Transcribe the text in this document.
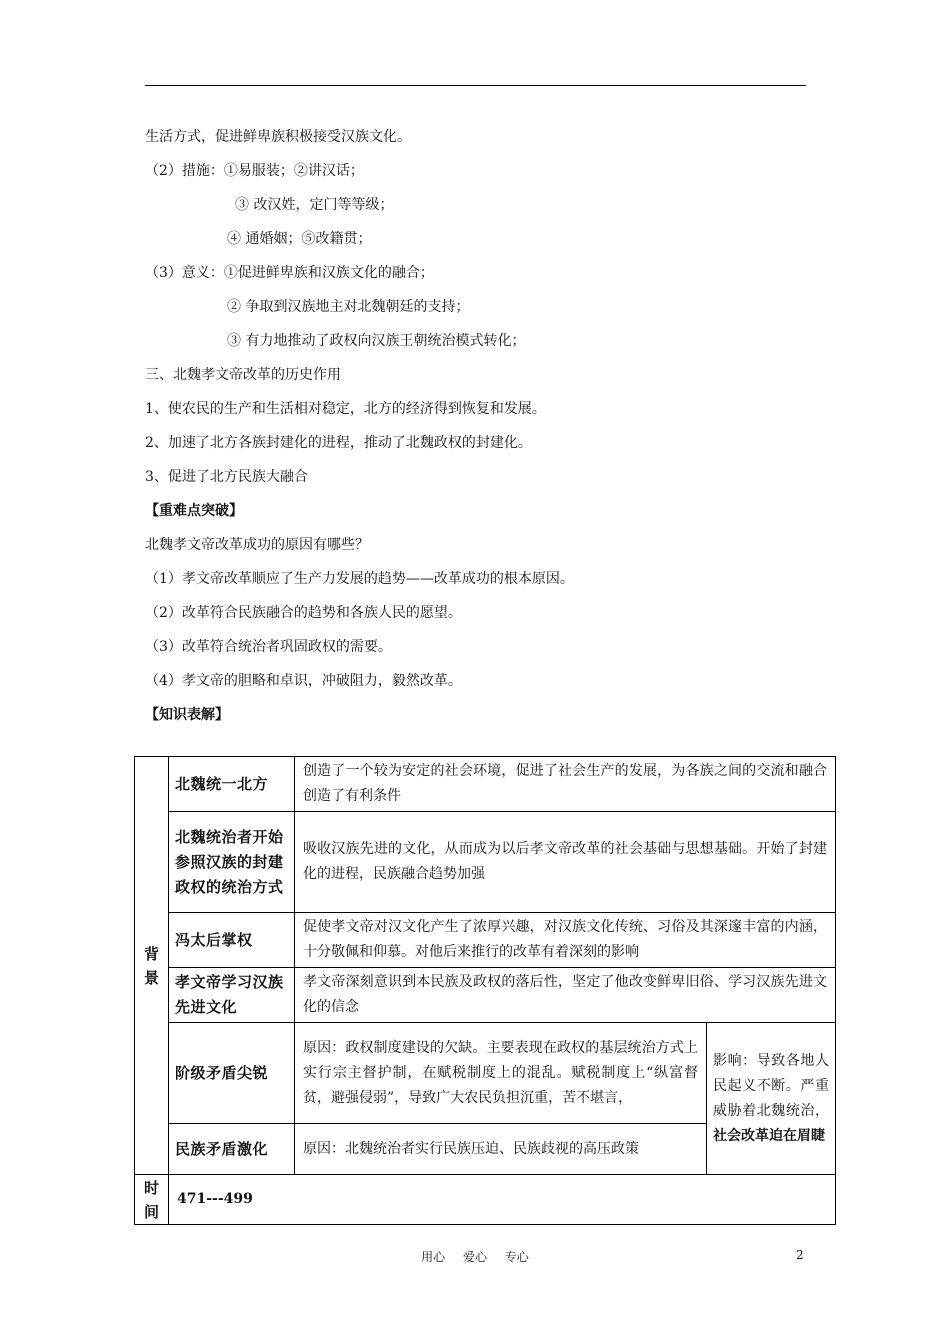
生活方式，促进鲜卑族积极接受汉族文化。
（2）措施：①易服装；②讲汉话；
③ 改汉姓，定门等等级；
④ 通婚姻；⑤改籍贯；
（3）意义：①促进鲜卑族和汉族文化的融合；
② 争取到汉族地主对北魏朝廷的支持；
③ 有力地推动了政权向汉族王朝统治模式转化；
三、北魏孝文帝改革的历史作用
1、使农民的生产和生活相对稳定，北方的经济得到恢复和发展。
2、加速了北方各族封建化的进程，推动了北魏政权的封建化。
3、促进了北方民族大融合
【重难点突破】
北魏孝文帝改革成功的原因有哪些？
（1）孝文帝改革顺应了生产力发展的趋势——改革成功的根本原因。
（2）改革符合民族融合的趋势和各族人民的愿望。
（3）改革符合统治者巩固政权的需要。
（4）孝文帝的胆略和卓识，冲破阻力，毅然改革。
【知识表解】
背景	北魏统一北方	创造了一个较为安定的社会环境，促进了社会生产的发展，为各族之间的交流和融合创造了有利条件	
	北魏统治者开始参照汉族的封建政权的统治方式	吸收汉族先进的文化，从而成为以后孝文帝改革的社会基础与思想基础。开始了封建化的进程，民族融合趋势加强	
	冯太后掌权	促使孝文帝对汉文化产生了浓厚兴趣，对汉族文化传统、习俗及其深邃丰富的内涵，十分敬佩和仰慕。对他后来推行的改革有着深刻的影响	
	孝文帝学习汉族先进文化	孝文帝深刻意识到本民族及政权的落后性，坚定了他改变鲜卑旧俗、学习汉族先进文化的信念	
	阶级矛盾尖锐	原因：政权制度建设的欠缺。主要表现在政权的基层统治方式上实行宗主督护制，在赋税制度上的混乱。赋税制度上“纵富督贫，避强侵弱”，导致广大农民负担沉重，苦不堪言，	影响：导致各地人民起义不断。严重威胁着北魏统治，社会改革迫在眉睫
	民族矛盾激化	原因：北魏统治者实行民族压迫、民族歧视的高压政策	
时间	471---499		
用心 爱心 专心	2
